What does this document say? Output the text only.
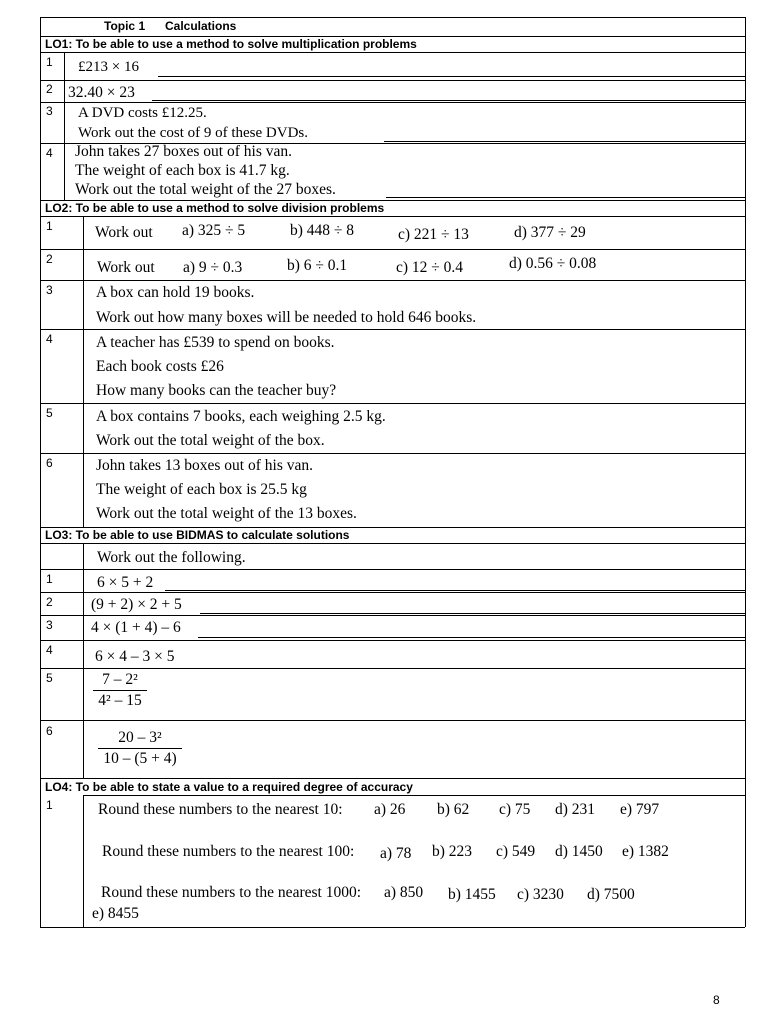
Topic 1 Calculations
LO1: To be able to use a method to solve multiplication problems
1 £213 × 16
2 32.40 × 23
3 A DVD costs £12.25.
Work out the cost of 9 of these DVDs.
4 John takes 27 boxes out of his van.
The weight of each box is 41.7 kg.
Work out the total weight of the 27 boxes.
LO2: To be able to use a method to solve division problems
1	Work out a) 325 ÷ 5	b) 448 ÷ 8	c) 221 ÷ 13	d) 377 ÷ 29
2	Work out a) 9 ÷ 0.3	b) 6 ÷ 0.1	c) 12 ÷ 0.4	d) 0.56 ÷ 0.08
3	A box can hold 19 books.
Work out how many boxes will be needed to hold 646 books.
4	A teacher has £539 to spend on books.
Each book costs £26
How many books can the teacher buy?
5	A box contains 7 books, each weighing 2.5 kg.
Work out the total weight of the box.
6	John takes 13 boxes out of his van.
The weight of each box is 25.5 kg
Work out the total weight of the 13 boxes.
LO3: To be able to use BIDMAS to calculate solutions
Work out the following.
1	6 × 5 + 2
2 (9 + 2) × 2 + 5
3 4 × (1 + 4) – 6
4	6 × 4 – 3 × 5
5	7 – 2²
4² – 15
6	20 – 3²
10 – (5 + 4)
LO4: To be able to state a value to a required degree of accuracy
1	Round these numbers to the nearest 10: a) 26 b) 62 c) 75 d) 231 e) 797
Round these numbers to the nearest 100: a) 78 b) 223 c) 549 d) 1450 e) 1382
Round these numbers to the nearest 1000: a) 850 b) 1455 c) 3230 d) 7500
e) 8455
8
